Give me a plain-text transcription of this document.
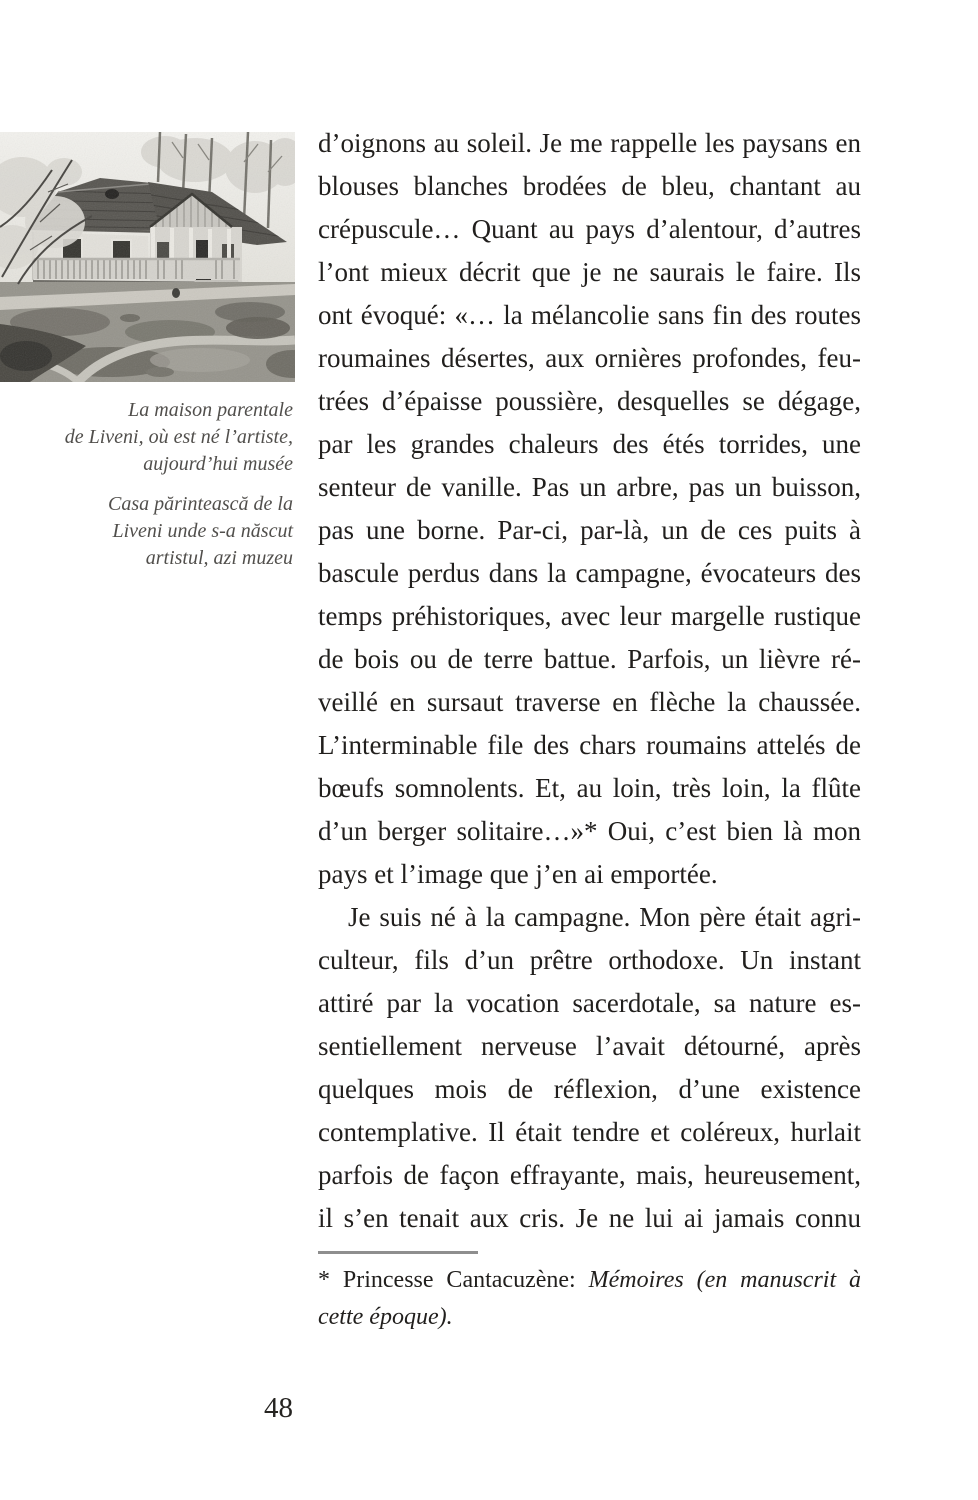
La maison parentale
de Liveni, où est né l’artiste,
aujourd’hui musée
Casa părintească de la
Liveni unde s-a născut
artistul, azi muzeu
d’oignons au soleil. Je me rappelle les paysans en
blouses blanches brodées de bleu, chantant au
crépuscule… Quant au pays d’alentour, d’autres
l’ont mieux décrit que je ne saurais le faire. Ils
ont évoqué: «… la mélancolie sans fin des routes
roumaines désertes, aux ornières profondes, feu-
trées d’épaisse poussière, desquelles se dégage,
par les grandes chaleurs des étés torrides, une
senteur de vanille. Pas un arbre, pas un buisson,
pas une borne. Par-ci, par-là, un de ces puits à
bascule perdus dans la campagne, évocateurs des
temps préhistoriques, avec leur margelle rustique
de bois ou de terre battue. Parfois, un lièvre ré-
veillé en sursaut traverse en flèche la chaussée.
L’interminable file des chars roumains attelés de
bœufs somnolents. Et, au loin, très loin, la flûte
d’un berger solitaire…»* Oui, c’est bien là mon
pays et l’image que j’en ai emportée.
Je suis né à la campagne. Mon père était agri-
culteur, fils d’un prêtre orthodoxe. Un instant
attiré par la vocation sacerdotale, sa nature es-
sentiellement nerveuse l’avait détourné, après
quelques mois de réflexion, d’une existence
contemplative. Il était tendre et coléreux, hurlait
parfois de façon effrayante, mais, heureusement,
il s’en tenait aux cris. Je ne lui ai jamais connu
* Princesse Cantacuzène: Mémoires (en manuscrit à
cette époque).
48
